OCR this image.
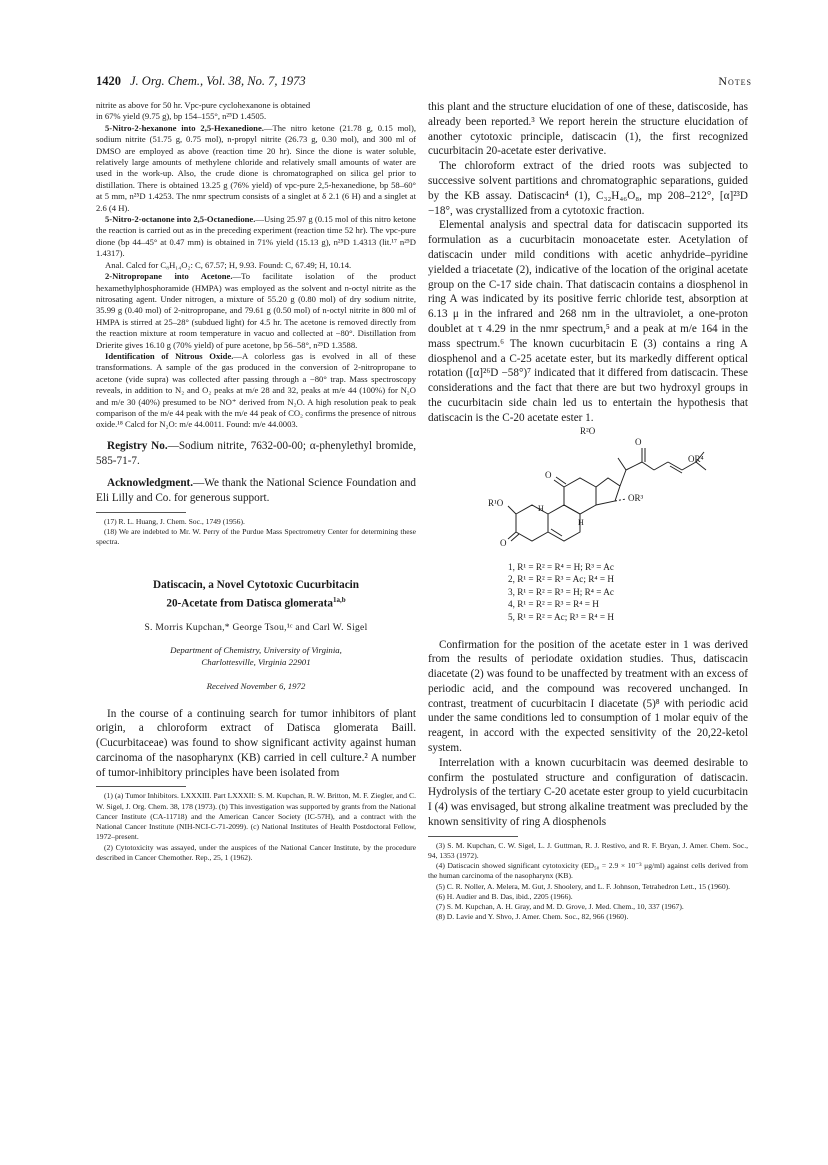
1420 J. Org. Chem., Vol. 38, No. 7, 1973	Notes

nitrite as above for 50 hr. Vpc-pure cyclohexanone is obtained
in 67% yield (9.75 g), bp 154–155°, n²⁵D 1.4505.

5-Nitro-2-hexanone into 2,5-Hexanedione.—The nitro ketone (21.78 g, 0.15 mol), sodium nitrite (51.75 g, 0.75 mol), n-propyl nitrite (26.73 g, 0.30 mol), and 300 ml of DMSO are employed as above (reaction time 20 hr). Since the dione is water soluble, relatively large amounts of methylene chloride and relatively small amounts of water are used in the work-up. Also, the crude dione is chromatographed on silica gel prior to distillation. There is obtained 13.25 g (76% yield) of vpc-pure 2,5-hexanedione, bp 58–60° at 5 mm, n²⁵D 1.4253. The nmr spectrum consists of a singlet at δ 2.1 (6 H) and a singlet at 2.6 (4 H).

5-Nitro-2-octanone into 2,5-Octanedione.—Using 25.97 g (0.15 mol of this nitro ketone the reaction is carried out as in the preceding experiment (reaction time 52 hr). The vpc-pure dione (bp 44–45° at 0.47 mm) is obtained in 71% yield (15.13 g), n²⁵D 1.4313 (lit.¹⁷ n²⁵D 1.4317).

Anal. Calcd for C₈H₁₄O₂: C, 67.57; H, 9.93. Found: C, 67.49; H, 10.14.

2-Nitropropane into Acetone.—To facilitate isolation of the product hexamethylphosphoramide (HMPA) was employed as the solvent and n-octyl nitrite as the nitrosating agent. Under nitrogen, a mixture of 55.20 g (0.80 mol) of dry sodium nitrite, 35.99 g (0.40 mol) of 2-nitropropane, and 79.61 g (0.50 mol) of n-octyl nitrite in 800 ml of HMPA is stirred at 25–28° (subdued light) for 4.5 hr. The acetone is removed directly from the reaction mixture at room temperature in vacuo and collected at −80°. Distillation from Drierite gives 16.10 g (70% yield) of pure acetone, bp 56–58°, n²⁵D 1.3588.

Identification of Nitrous Oxide.—A colorless gas is evolved in all of these transformations. A sample of the gas produced in the conversion of 2-nitropropane to acetone (vide supra) was collected after passing through a −80° trap. Mass spectroscopy reveals, in addition to N₂ and O₂ peaks at m/e 28 and 32, peaks at m/e 44 (100%) for N₂O and m/e 30 (40%) presumed to be NO⁺ derived from N₂O. A high resolution peak to peak comparison of the m/e 44 peak with the m/e 44 peak of CO₂ confirms the presence of nitrous oxide.¹⁸ Calcd for N₂O: m/e 44.0011. Found: m/e 44.0003.

Registry No.—Sodium nitrite, 7632-00-00; α-phenylethyl bromide, 585-71-7.

Acknowledgment.—We thank the National Science Foundation and Eli Lilly and Co. for generous support.

(17) R. L. Huang, J. Chem. Soc., 1749 (1956).

(18) We are indebted to Mr. W. Perry of the Purdue Mass Spectrometry Center for determining these spectra.

Datiscacin, a Novel Cytotoxic Cucurbitacin

20-Acetate from Datisca glomerata$^{1a,b}$

S. Morris Kupchan,* George Tsou,¹ᶜ and Carl W. Sigel

Department of Chemistry, University of Virginia,

Charlottesville, Virginia 22901

Received November 6, 1972

In the course of a continuing search for tumor inhibitors of plant origin, a chloroform extract of Datisca glomerata Baill. (Cucurbitaceae) was found to show significant activity against human carcinoma of the nasopharynx (KB) carried in cell culture.² A number of tumor-inhibitory principles have been isolated from

(1) (a) Tumor Inhibitors. LXXXIII. Part LXXXII: S. M. Kupchan, R. W. Britton, M. F. Ziegler, and C. W. Sigel, J. Org. Chem. 38, 178 (1973). (b) This investigation was supported by grants from the National Cancer Institute (CA-11718) and the American Cancer Society (IC-57H), and a contract with the National Cancer Institute (NIH-NCI-C-71-2099). (c) National Institutes of Health Postdoctoral Fellow, 1972–present.

(2) Cytotoxicity was assayed, under the auspices of the National Cancer Institute, by the procedure described in Cancer Chemother. Rep., 25, 1 (1962).

this plant and the structure elucidation of one of these, datiscoside, has already been reported.³ We report herein the structure elucidation of another cytotoxic principle, datiscacin (1), the first recognized cucurbitacin 20-acetate ester derivative.

The chloroform extract of the dried roots was subjected to successive solvent partitions and chromatographic separations, guided by the KB assay. Datiscacin⁴ (1), C₃₂H₄₆O₈, mp 208–212°, [α]²³D −18°, was crystallized from a cytotoxic fraction.

Elemental analysis and spectral data for datiscacin supported its formulation as a cucurbitacin monoacetate ester. Acetylation of datiscacin under mild conditions with acetic anhydride–pyridine yielded a triacetate (2), indicative of the location of the original acetate group on the C-17 side chain. That datiscacin contains a diosphenol in ring A was indicated by its positive ferric chloride test, absorption at 6.13 μ in the infrared and 268 nm in the ultraviolet, a one-proton doublet at τ 4.29 in the nmr spectrum,⁵ and a peak at m/e 164 in the mass spectrum.⁶ The known cucurbitacin E (3) contains a ring A diosphenol and a C-25 acetate ester, but its markedly different optical rotation ([α]²⁶D −58°)⁷ indicated that it differed from datiscacin. These considerations and the fact that there are but two hydroxyl groups in the cucurbitacin side chain led us to entertain the hypothesis that datiscacin is the C-20 acetate ester 1.

R²O
O
OR⁴
O
H
H
OR³
R¹O
O
1, R¹ = R² = R⁴ = H; R³ = Ac
2, R¹ = R² = R³ = Ac; R⁴ = H
3, R¹ = R² = R³ = H; R⁴ = Ac
4, R¹ = R² = R³ = R⁴ = H
5, R¹ = R² = Ac; R³ = R⁴ = H

Confirmation for the position of the acetate ester in 1 was derived from the results of periodate oxidation studies. Thus, datiscacin diacetate (2) was found to be unaffected by treatment with an excess of periodic acid, and the compound was recovered unchanged. In contrast, treatment of cucurbitacin I diacetate (5)⁸ with periodic acid under the same conditions led to consumption of 1 molar equiv of the reagent, in accord with the expected sensitivity of the 20,22-ketol system.

Interrelation with a known cucurbitacin was deemed desirable to confirm the postulated structure and configuration of datiscacin. Hydrolysis of the tertiary C-20 acetate ester group to yield cucurbitacin I (4) was envisaged, but strong alkaline treatment was precluded by the known sensitivity of ring A diosphenols

(3) S. M. Kupchan, C. W. Sigel, L. J. Guttman, R. J. Restivo, and R. F. Bryan, J. Amer. Chem. Soc., 94, 1353 (1972).

(4) Datiscacin showed significant cytotoxicity (ED₅₀ = 2.9 × 10⁻³ μg/ml) against cells derived from the human carcinoma of the nasopharynx (KB).

(5) C. R. Noller, A. Melera, M. Gut, J. Shoolery, and L. F. Johnson, Tetrahedron Lett., 15 (1960).

(6) H. Audier and B. Das, ibid., 2205 (1966).

(7) S. M. Kupchan, A. H. Gray, and M. D. Grove, J. Med. Chem., 10, 337 (1967).

(8) D. Lavie and Y. Shvo, J. Amer. Chem. Soc., 82, 966 (1960).
